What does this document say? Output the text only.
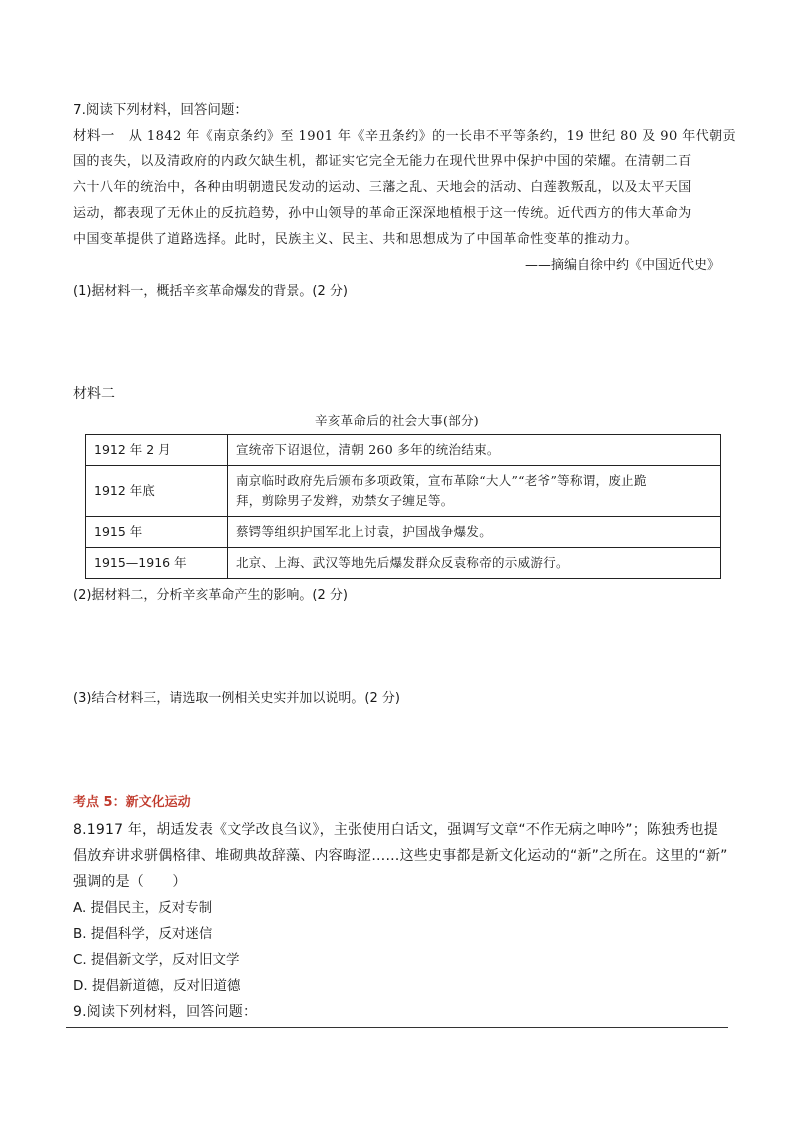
7.阅读下列材料，回答问题：
材料一 从 1842 年《南京条约》至 1901 年《辛丑条约》的一长串不平等条约，19 世纪 80 及 90 年代朝贡
国的丧失，以及清政府的内政欠缺生机，都证实它完全无能力在现代世界中保护中国的荣耀。在清朝二百
六十八年的统治中，各种由明朝遗民发动的运动、三藩之乱、天地会的活动、白莲教叛乱，以及太平天国
运动，都表现了无休止的反抗趋势，孙中山领导的革命正深深地植根于这一传统。近代西方的伟大革命为
中国变革提供了道路选择。此时，民族主义、民主、共和思想成为了中国革命性变革的推动力。
——摘编自徐中约《中国近代史》
(1)据材料一，概括辛亥革命爆发的背景。(2 分)
材料二
辛亥革命后的社会大事(部分)
1912 年 2 月	宣统帝下诏退位，清朝 260 多年的统治结束。
1912 年底	南京临时政府先后颁布多项政策，宣布革除“大人”“老爷”等称谓，废止跪
拜，剪除男子发辫，劝禁女子缠足等。

1915 年	蔡锷等组织护国军北上讨袁，护国战争爆发。
1915—1916 年	北京、上海、武汉等地先后爆发群众反袁称帝的示威游行。
(2)据材料二，分析辛亥革命产生的影响。(2 分)
(3)结合材料三，请选取一例相关史实并加以说明。(2 分)
考点 5：新文化运动
8.1917 年，胡适发表《文学改良刍议》，主张使用白话文，强调写文章“不作无病之呻吟”；陈独秀也提
倡放弃讲求骈偶格律、堆砌典故辞藻、内容晦涩……这些史事都是新文化运动的“新”之所在。这里的“新”
强调的是（　　）
A. 提倡民主，反对专制
B. 提倡科学，反对迷信
C. 提倡新文学，反对旧文学
D. 提倡新道德，反对旧道德
9.阅读下列材料，回答问题：
